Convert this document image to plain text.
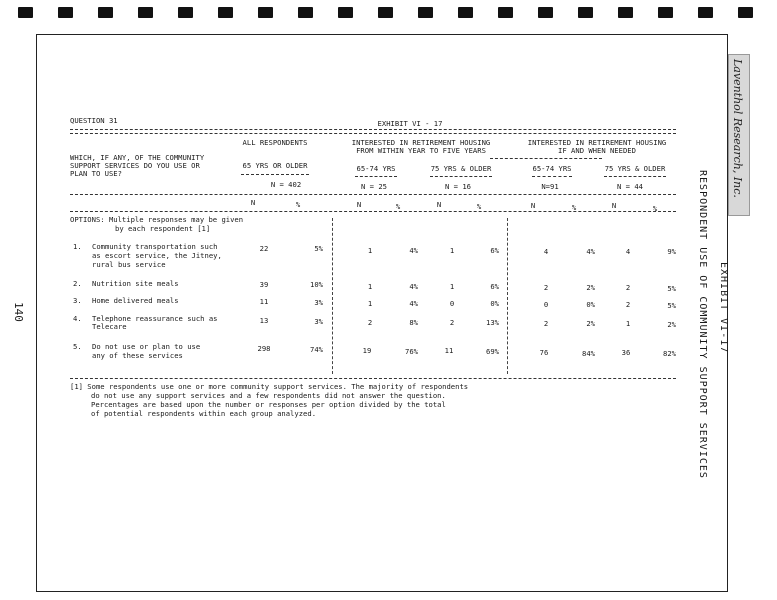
140
Laventhol Research, Inc.
RESPONDENT USE OF COMMUNITY SUPPORT SERVICES EXHIBIT VI-17
QUESTION 31	EXHIBIT VI - 17
WHICH, IF ANY, OF THE COMMUNITY
SUPPORT SERVICES DO YOU USE OR
PLAN TO USE?
ALL RESPONDENTS	INTERESTED IN RETIREMENT HOUSING
FROM WITHIN YEAR TO FIVE YEARS
INTERESTED IN RETIREMENT HOUSING
IF AND WHEN NEEDED
65 YRS OR OLDER	65-74 YRS	75 YRS & OLDER	65-74 YRS	75 YRS & OLDER
N = 402	N = 25	N = 16	N=91	N = 44
N	%	N	%	N	%	N	%	N	%
OPTIONS: Multiple responses may be given
by each respondent [1]
1. Community transportation such
as escort service, the Jitney,
rural bus service
22	5%	1	4%	1	6%	4	4%	4	9%
2. Nutrition site meals	39	10%	1	4%	1	6%	2	2%	2	5%
3. Home delivered meals	11	3%	1	4%	0	0%	0	0%	2	5%
4. Telephone reassurance such as
Telecare
13	3%	2	8%	2	13%	2	2%	1	2%
5. Do not use or plan to use
any of these services
298	74%	19	76%	11	69%	76	84%	36	82%
[1] Some respondents use one or more community support services. The majority of respondents
do not use any support services and a few respondents did not answer the question.
Percentages are based upon the number or responses per option divided by the total
of potential respondents within each group analyzed.
